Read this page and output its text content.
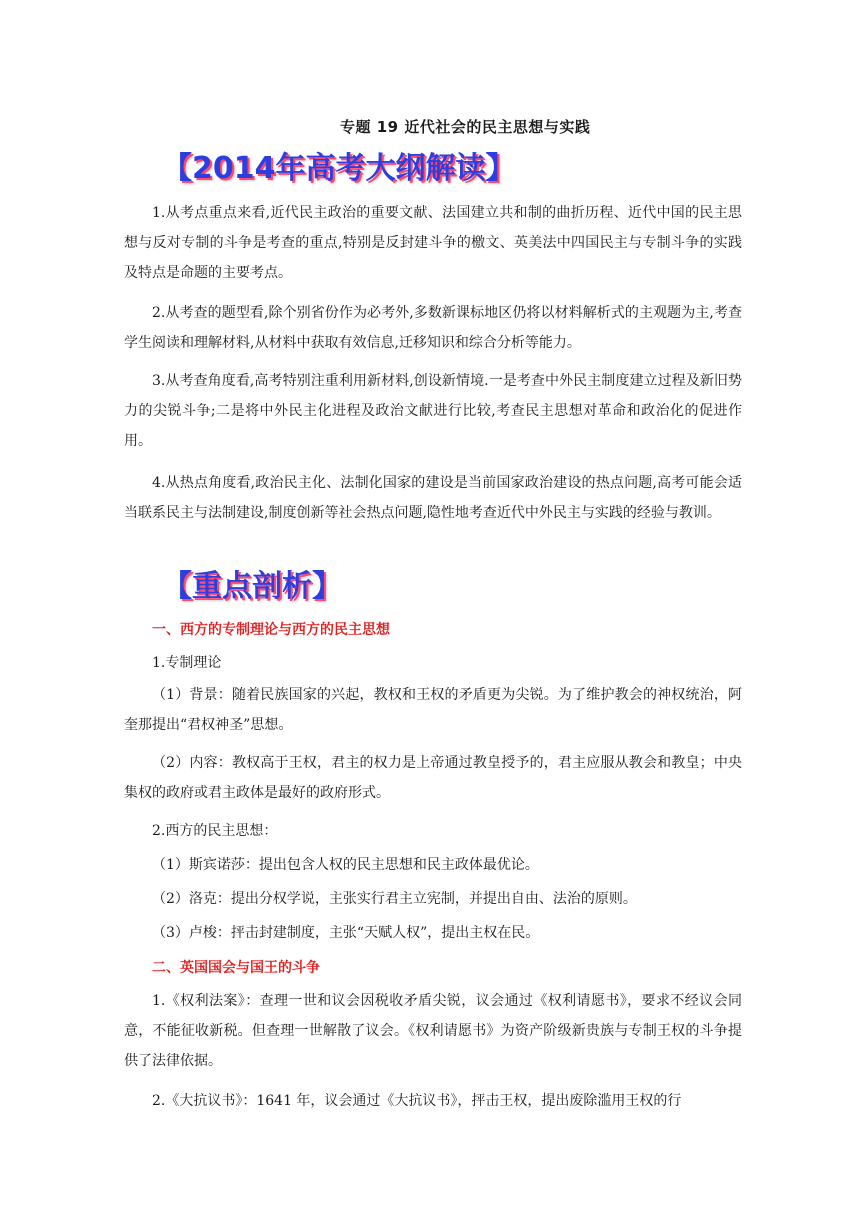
专题 19 近代社会的民主思想与实践
【2014年高考大纲解读】

1.从考点重点来看,近代民主政治的重要文献、法国建立共和制的曲折历程、近代中国的民主思想与反对专制的斗争是考查的重点,特别是反封建斗争的檄文、英美法中四国民主与专制斗争的实践及特点是命题的主要考点。

2.从考查的题型看,除个别省份作为必考外,多数新课标地区仍将以材料解析式的主观题为主,考查学生阅读和理解材料,从材料中获取有效信息,迁移知识和综合分析等能力。

3.从考查角度看,高考特别注重利用新材料,创设新情境.一是考查中外民主制度建立过程及新旧势力的尖锐斗争;二是将中外民主化进程及政治文献进行比较,考查民主思想对革命和政治化的促进作用。

4.从热点角度看,政治民主化、法制化国家的建设是当前国家政治建设的热点问题,高考可能会适当联系民主与法制建设,制度创新等社会热点问题,隐性地考查近代中外民主与实践的经验与教训。

【重点剖析】
一、西方的专制理论与西方的民主思想

1.专制理论

（1）背景：随着民族国家的兴起，教权和王权的矛盾更为尖锐。为了维护教会的神权统治，阿奎那提出“君权神圣”思想。

（2）内容：教权高于王权，君主的权力是上帝通过教皇授予的，君主应服从教会和教皇；中央集权的政府或君主政体是最好的政府形式。

2.西方的民主思想：

（1）斯宾诺莎：提出包含人权的民主思想和民主政体最优论。

（2）洛克：提出分权学说，主张实行君主立宪制，并提出自由、法治的原则。

（3）卢梭：抨击封建制度，主张“天赋人权”，提出主权在民。

二、英国国会与国王的斗争

1.《权利法案》：查理一世和议会因税收矛盾尖锐，议会通过《权利请愿书》，要求不经议会同意，不能征收新税。但查理一世解散了议会。《权利请愿书》为资产阶级新贵族与专制王权的斗争提供了法律依据。

2.《大抗议书》：1641 年，议会通过《大抗议书》，抨击王权，提出废除滥用王权的行
